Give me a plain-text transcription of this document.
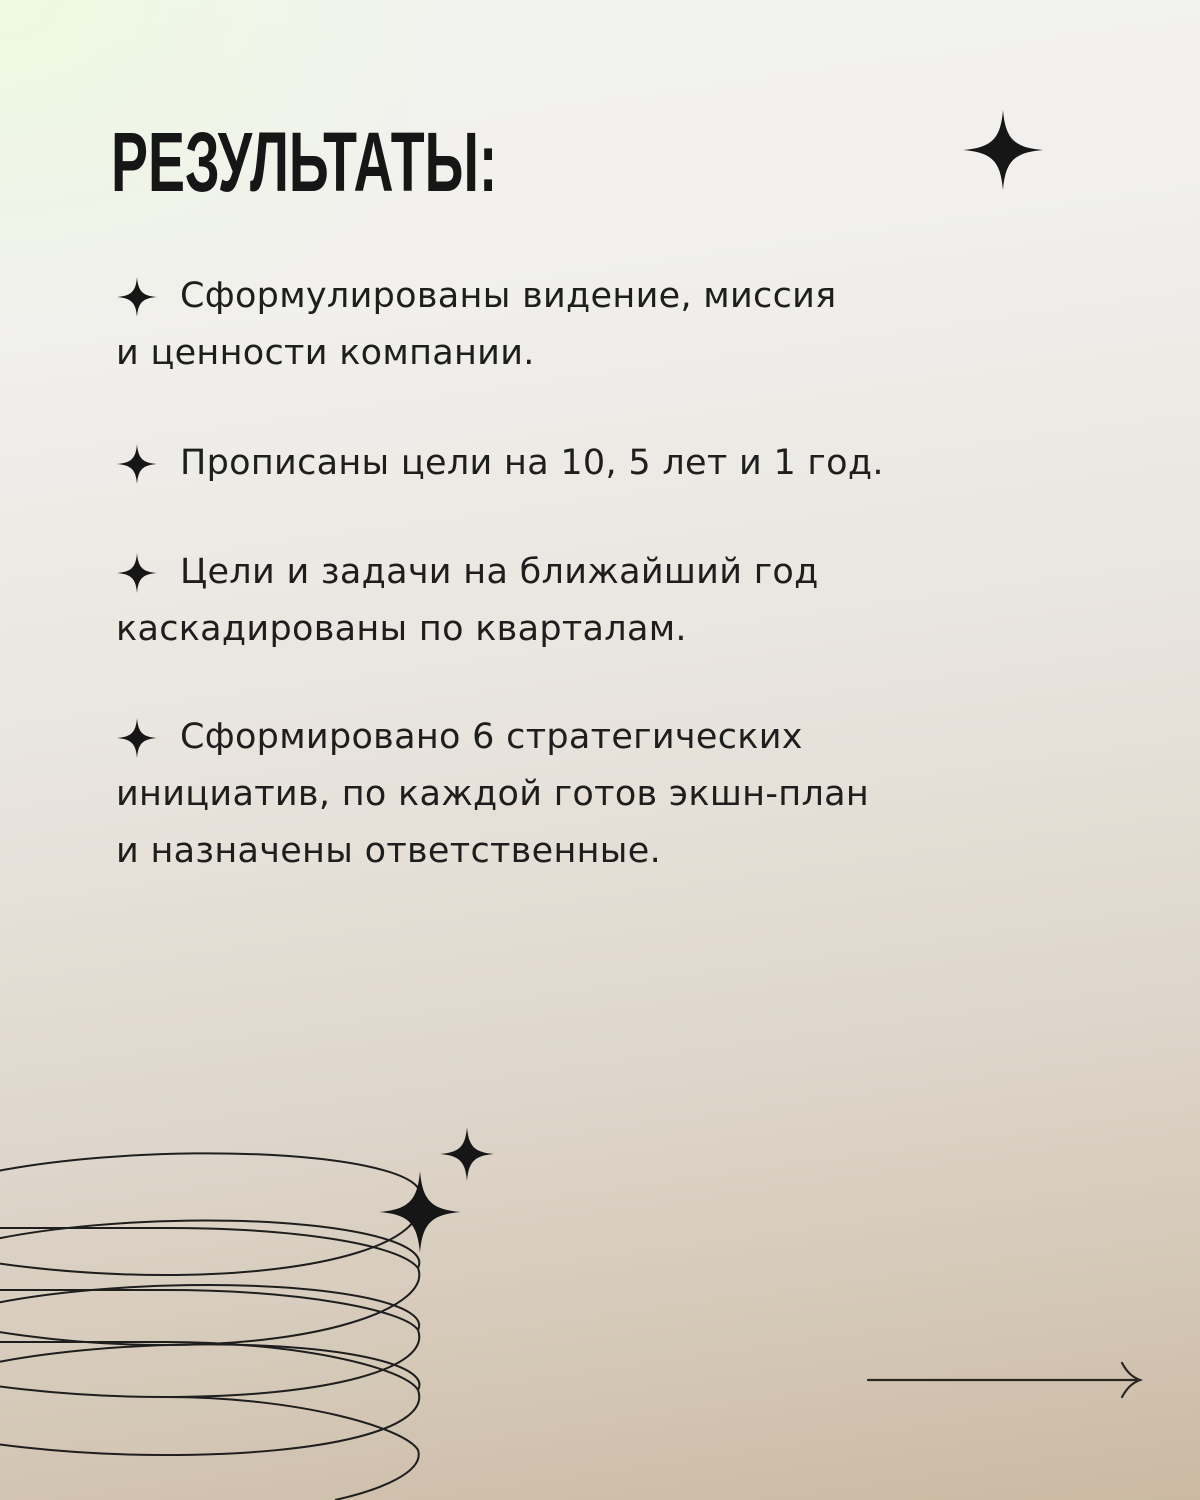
РЕЗУЛЬТАТЫ:
Сформулированы видение, миссия
и ценности компании.
Прописаны цели на 10, 5 лет и 1 год.
Цели и задачи на ближайший год
каскадированы по кварталам.
Сформировано 6 стратегических
инициатив, по каждой готов экшн-план
и назначены ответственные.
